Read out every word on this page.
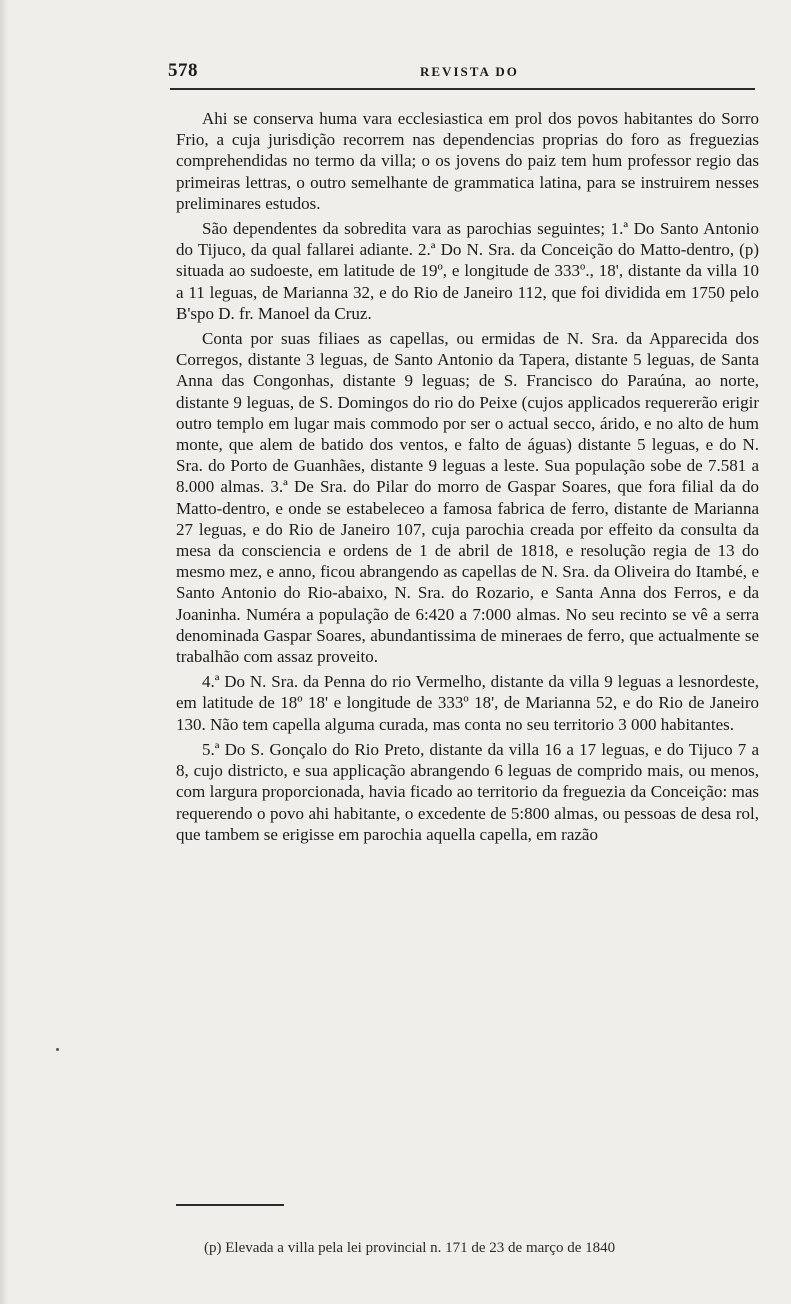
578	REVISTA DO

Ahi se conserva huma vara ecclesiastica em prol dos povos habitantes do Sorro Frio, a cuja jurisdição recorrem nas dependencias proprias do foro as freguezias comprehendidas no termo da villa; o os jovens do paiz tem hum professor regio das primeiras lettras, o outro semelhante de grammatica latina, para se instruirem nesses preliminares estudos.

São dependentes da sobredita vara as parochias seguintes; 1.ª Do Santo Antonio do Tijuco, da qual fallarei adiante. 2.ª Do N. Sra. da Conceição do Matto-dentro, (p) situada ao sudoeste, em latitude de 19º, e longitude de 333º., 18', distante da villa 10 a 11 leguas, de Marianna 32, e do Rio de Janeiro 112, que foi dividida em 1750 pelo B'spo D. fr. Manoel da Cruz.

Conta por suas filiaes as capellas, ou ermidas de N. Sra. da Apparecida dos Corregos, distante 3 leguas, de Santo Antonio da Tapera, distante 5 leguas, de Santa Anna das Congonhas, distante 9 leguas; de S. Francisco do Paraúna, ao norte, distante 9 leguas, de S. Domingos do rio do Peixe (cujos applicados requererão erigir outro templo em lugar mais commodo por ser o actual secco, árido, e no alto de hum monte, que alem de batido dos ventos, e falto de águas) distante 5 leguas, e do N. Sra. do Porto de Guanhães, distante 9 leguas a leste. Sua população sobe de 7.581 a 8.000 almas. 3.ª De Sra. do Pilar do morro de Gaspar Soares, que fora filial da do Matto-dentro, e onde se estabeleceo a famosa fabrica de ferro, distante de Marianna 27 leguas, e do Rio de Janeiro 107, cuja parochia creada por effeito da consulta da mesa da consciencia e ordens de 1 de abril de 1818, e resolução regia de 13 do mesmo mez, e anno, ficou abrangendo as capellas de N. Sra. da Oliveira do Itambé, e Santo Antonio do Rio-abaixo, N. Sra. do Rozario, e Santa Anna dos Ferros, e da Joaninha. Numéra a população de 6:420 a 7:000 almas. No seu recinto se vê a serra denominada Gaspar Soares, abundantissima de mineraes de ferro, que actualmente se trabalhão com assaz proveito.

4.ª Do N. Sra. da Penna do rio Vermelho, distante da villa 9 leguas a lesnordeste, em latitude de 18º 18' e longitude de 333º 18', de Marianna 52, e do Rio de Janeiro 130. Não tem capella alguma curada, mas conta no seu territorio 3 000 habitantes.

5.ª Do S. Gonçalo do Rio Preto, distante da villa 16 a 17 leguas, e do Tijuco 7 a 8, cujo districto, e sua applicação abrangendo 6 leguas de comprido mais, ou menos, com largura proporcionada, havia ficado ao territorio da freguezia da Conceição: mas requerendo o povo ahi habitante, o excedente de 5:800 almas, ou pessoas de desa rol, que tambem se erigisse em parochia aquella capella, em razão

(p) Elevada a villa pela lei provincial n. 171 de 23 de março de 1840
